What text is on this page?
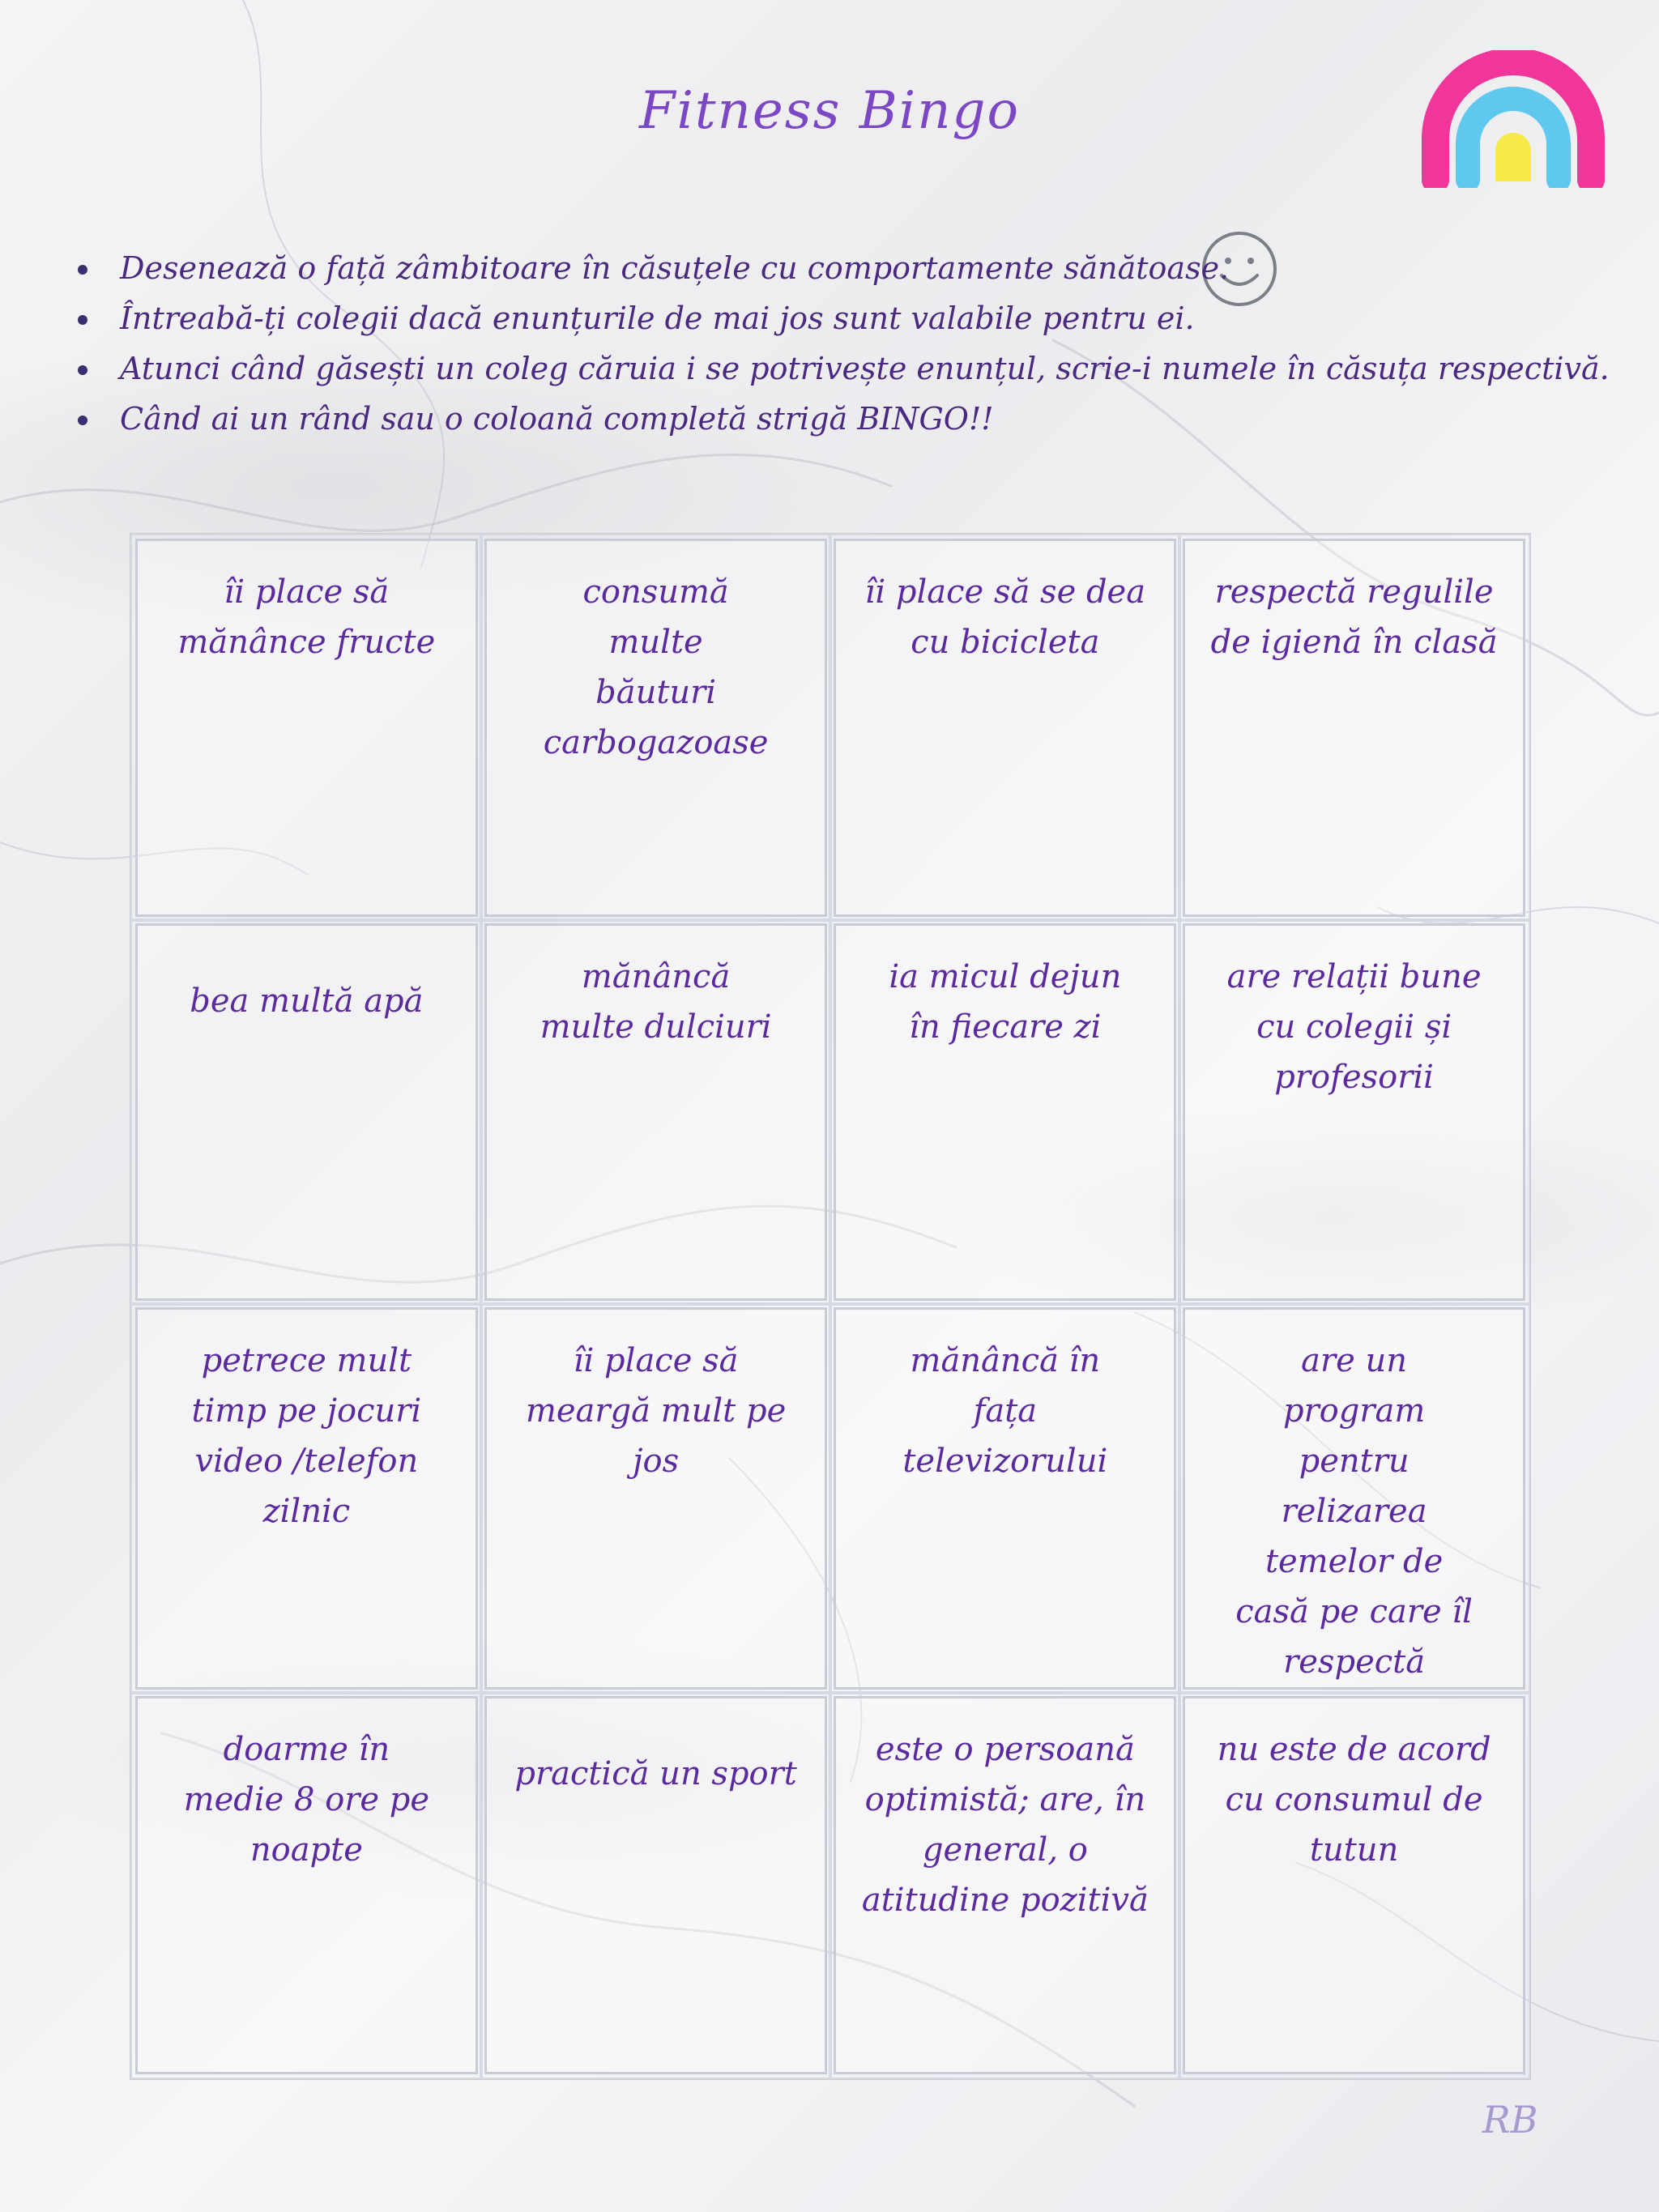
Fitness Bingo
Desenează o față zâmbitoare în căsuțele cu comportamente sănătoase.
Întreabă-ți colegii dacă enunțurile de mai jos sunt valabile pentru ei.
Atunci când găsești un coleg căruia i se potrivește enunțul, scrie-i numele în căsuța respectivă.
Când ai un rând sau o coloană completă strigă BINGO!!
îi place să mănânce fructe
consumă multe băuturi carbogazoase
îi place să se dea cu bicicleta
respectă regulile de igienă în clasă
bea multă apă
mănâncă multe dulciuri
ia micul dejun în fiecare zi
are relații bune cu colegii și profesorii
petrece mult timp pe jocuri video /telefon zilnic
îi place să meargă mult pe jos
mănâncă în fața televizorului
are un program pentru relizarea temelor de casă pe care îl respectă
doarme în medie 8 ore pe noapte
practică un sport
este o persoană optimistă; are, în general, o atitudine pozitivă
nu este de acord cu consumul de tutun
RB
